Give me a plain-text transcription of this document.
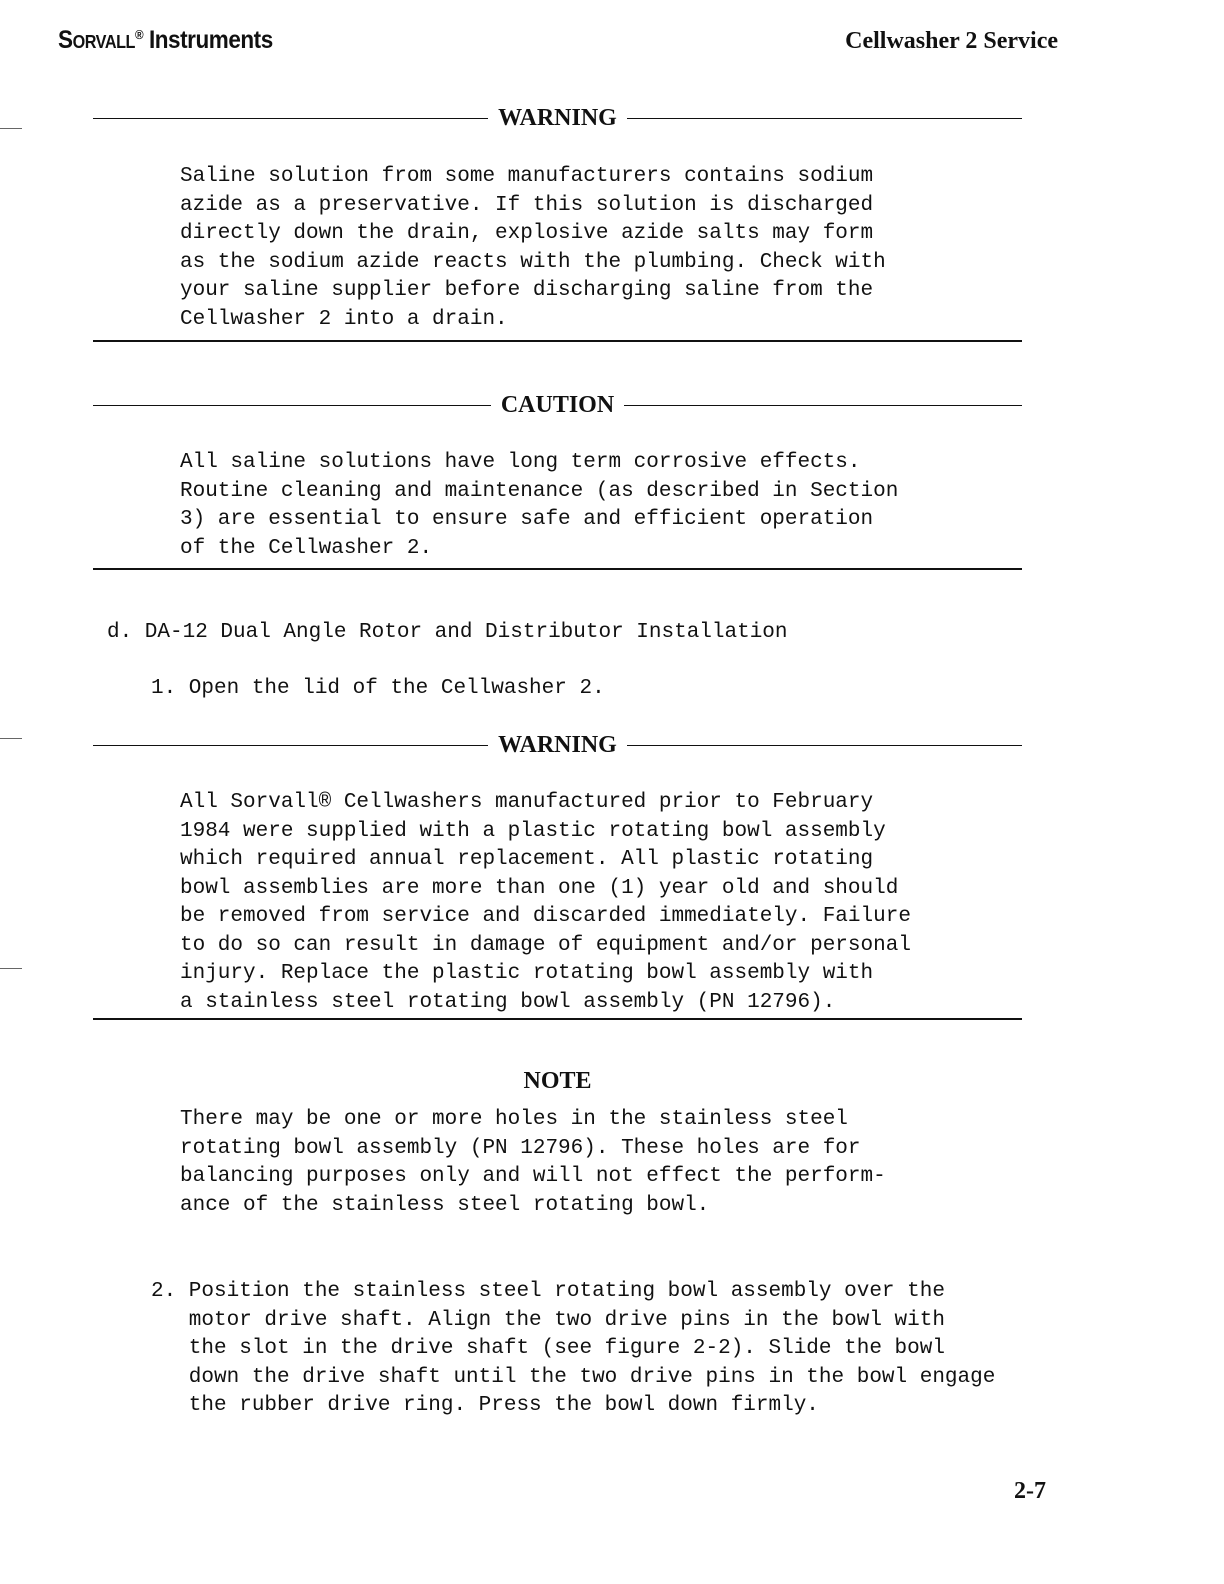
SORVALL® Instruments	Cellwasher 2 Service
WARNING
Saline solution from some manufacturers contains sodium
azide as a preservative. If this solution is discharged
directly down the drain, explosive azide salts may form
as the sodium azide reacts with the plumbing. Check with
your saline supplier before discharging saline from the
Cellwasher 2 into a drain.
CAUTION
All saline solutions have long term corrosive effects.
Routine cleaning and maintenance (as described in Section
3) are essential to ensure safe and efficient operation
of the Cellwasher 2.
d. DA-12 Dual Angle Rotor and Distributor Installation
1. Open the lid of the Cellwasher 2.
WARNING
All Sorvall® Cellwashers manufactured prior to February
1984 were supplied with a plastic rotating bowl assembly
which required annual replacement. All plastic rotating
bowl assemblies are more than one (1) year old and should
be removed from service and discarded immediately. Failure
to do so can result in damage of equipment and/or personal
injury. Replace the plastic rotating bowl assembly with
a stainless steel rotating bowl assembly (PN 12796).
NOTE
There may be one or more holes in the stainless steel
rotating bowl assembly (PN 12796). These holes are for
balancing purposes only and will not effect the perform-
ance of the stainless steel rotating bowl.
2. Position the stainless steel rotating bowl assembly over the
motor drive shaft. Align the two drive pins in the bowl with
the slot in the drive shaft (see figure 2-2). Slide the bowl
down the drive shaft until the two drive pins in the bowl engage
the rubber drive ring. Press the bowl down firmly.
2-7
